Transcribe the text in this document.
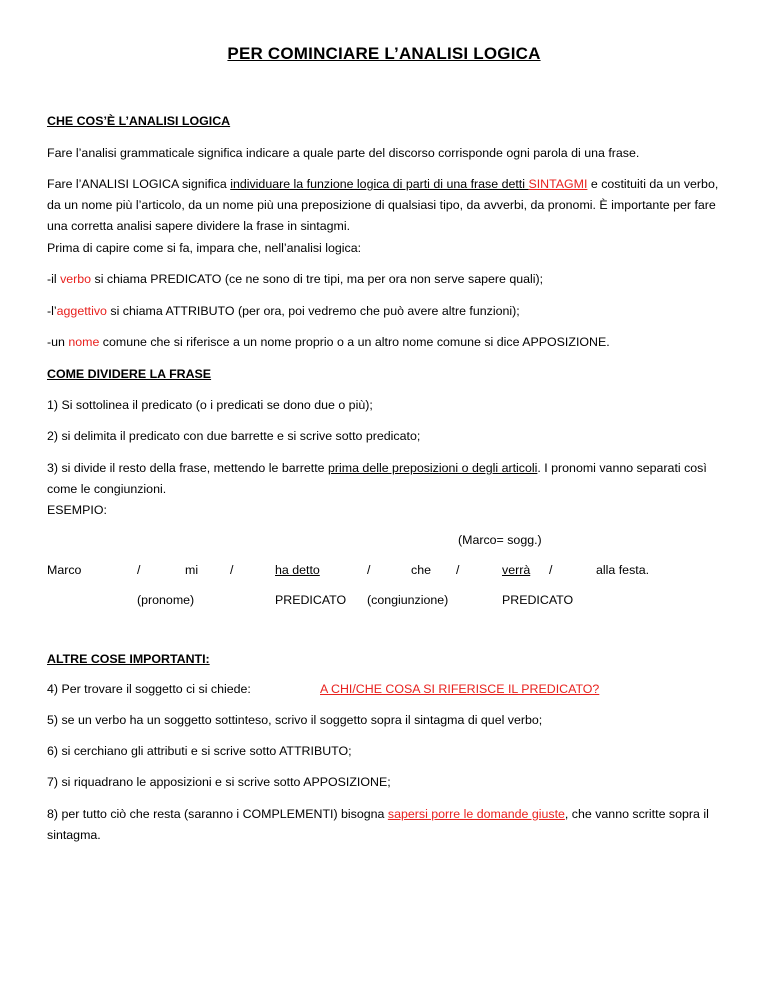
PER COMINCIARE L’ANALISI LOGICA

CHE COS’È L’ANALISI LOGICA

Fare l’analisi grammaticale significa indicare a quale parte del discorso corrisponde ogni parola di una frase.

Fare l’ANALISI LOGICA significa individuare la funzione logica di parti di una frase detti SINTAGMI e costituiti da un verbo, da un nome più l’articolo, da un nome più una preposizione di qualsiasi tipo, da avverbi, da pronomi. È importante per fare una corretta analisi sapere dividere la frase in sintagmi.

Prima di capire come si fa, impara che, nell’analisi logica:

-il verbo si chiama PREDICATO (ce ne sono di tre tipi, ma per ora non serve sapere quali);

-l’aggettivo si chiama ATTRIBUTO (per ora, poi vedremo che può avere altre funzioni);

-un nome comune che si riferisce a un nome proprio o a un altro nome comune si dice APPOSIZIONE.

COME DIVIDERE LA FRASE

1) Si sottolinea il predicato (o i predicati se dono due o più);

2) si delimita il predicato con due barrette e si scrive sotto predicato;

3) si divide il resto della frase, mettendo le barrette prima delle preposizioni o degli articoli. I pronomi vanno separati così come le congiunzioni.

ESEMPIO:

(Marco= sogg.)
Marco	/	mi	/	ha detto	/	che /	verrà /	alla festa.
(pronome)	PREDICATO (congiunzione)	PREDICATO

ALTRE COSE IMPORTANTI:

4) Per trovare il soggetto ci si chiede:	A CHI/CHE COSA SI RIFERISCE IL PREDICATO?

5) se un verbo ha un soggetto sottinteso, scrivo il soggetto sopra il sintagma di quel verbo;

6) si cerchiano gli attributi e si scrive sotto ATTRIBUTO;

7) si riquadrano le apposizioni e si scrive sotto APPOSIZIONE;

8) per tutto ciò che resta (saranno i COMPLEMENTI) bisogna sapersi porre le domande giuste, che vanno scritte sopra il sintagma.
